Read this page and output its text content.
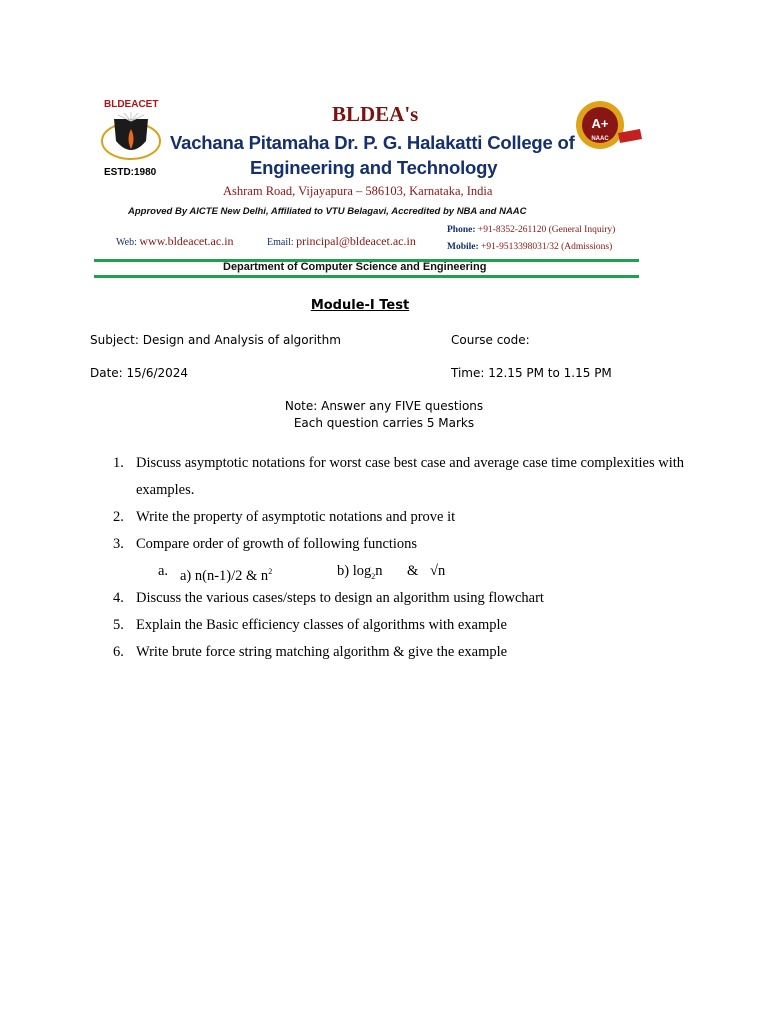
BLDEACET
ESTD:1980
BLDEA's
Vachana Pitamaha Dr. P. G. Halakatti College of
Engineering and Technology
Ashram Road, Vijayapura – 586103, Karnataka, India
Approved By AICTE New Delhi, Affiliated to VTU Belagavi, Accredited by NBA and NAAC
Web: www.bldeacet.ac.in	Email: principal@bldeacet.ac.in
Phone: +91-8352-261120 (General Inquiry)
Mobile: +91-9513398031/32 (Admissions)
A+
NAAC
Department of Computer Science and Engineering
Module-I Test
Subject: Design and Analysis of algorithm	Course code:
Date: 15/6/2024	Time: 12.15 PM to 1.15 PM
Note: Answer any FIVE questions
Each question carries 5 Marks
1. Discuss asymptotic notations for worst case best case and average case time complexities with examples.
2. Write the property of asymptotic notations and prove it
3. Compare order of growth of following functions
a. a) n(n-1)/2 & $n^2$	b) $\log_2n$ & √n
4. Discuss the various cases/steps to design an algorithm using flowchart
5. Explain the Basic efficiency classes of algorithms with example
6. Write brute force string matching algorithm & give the example
